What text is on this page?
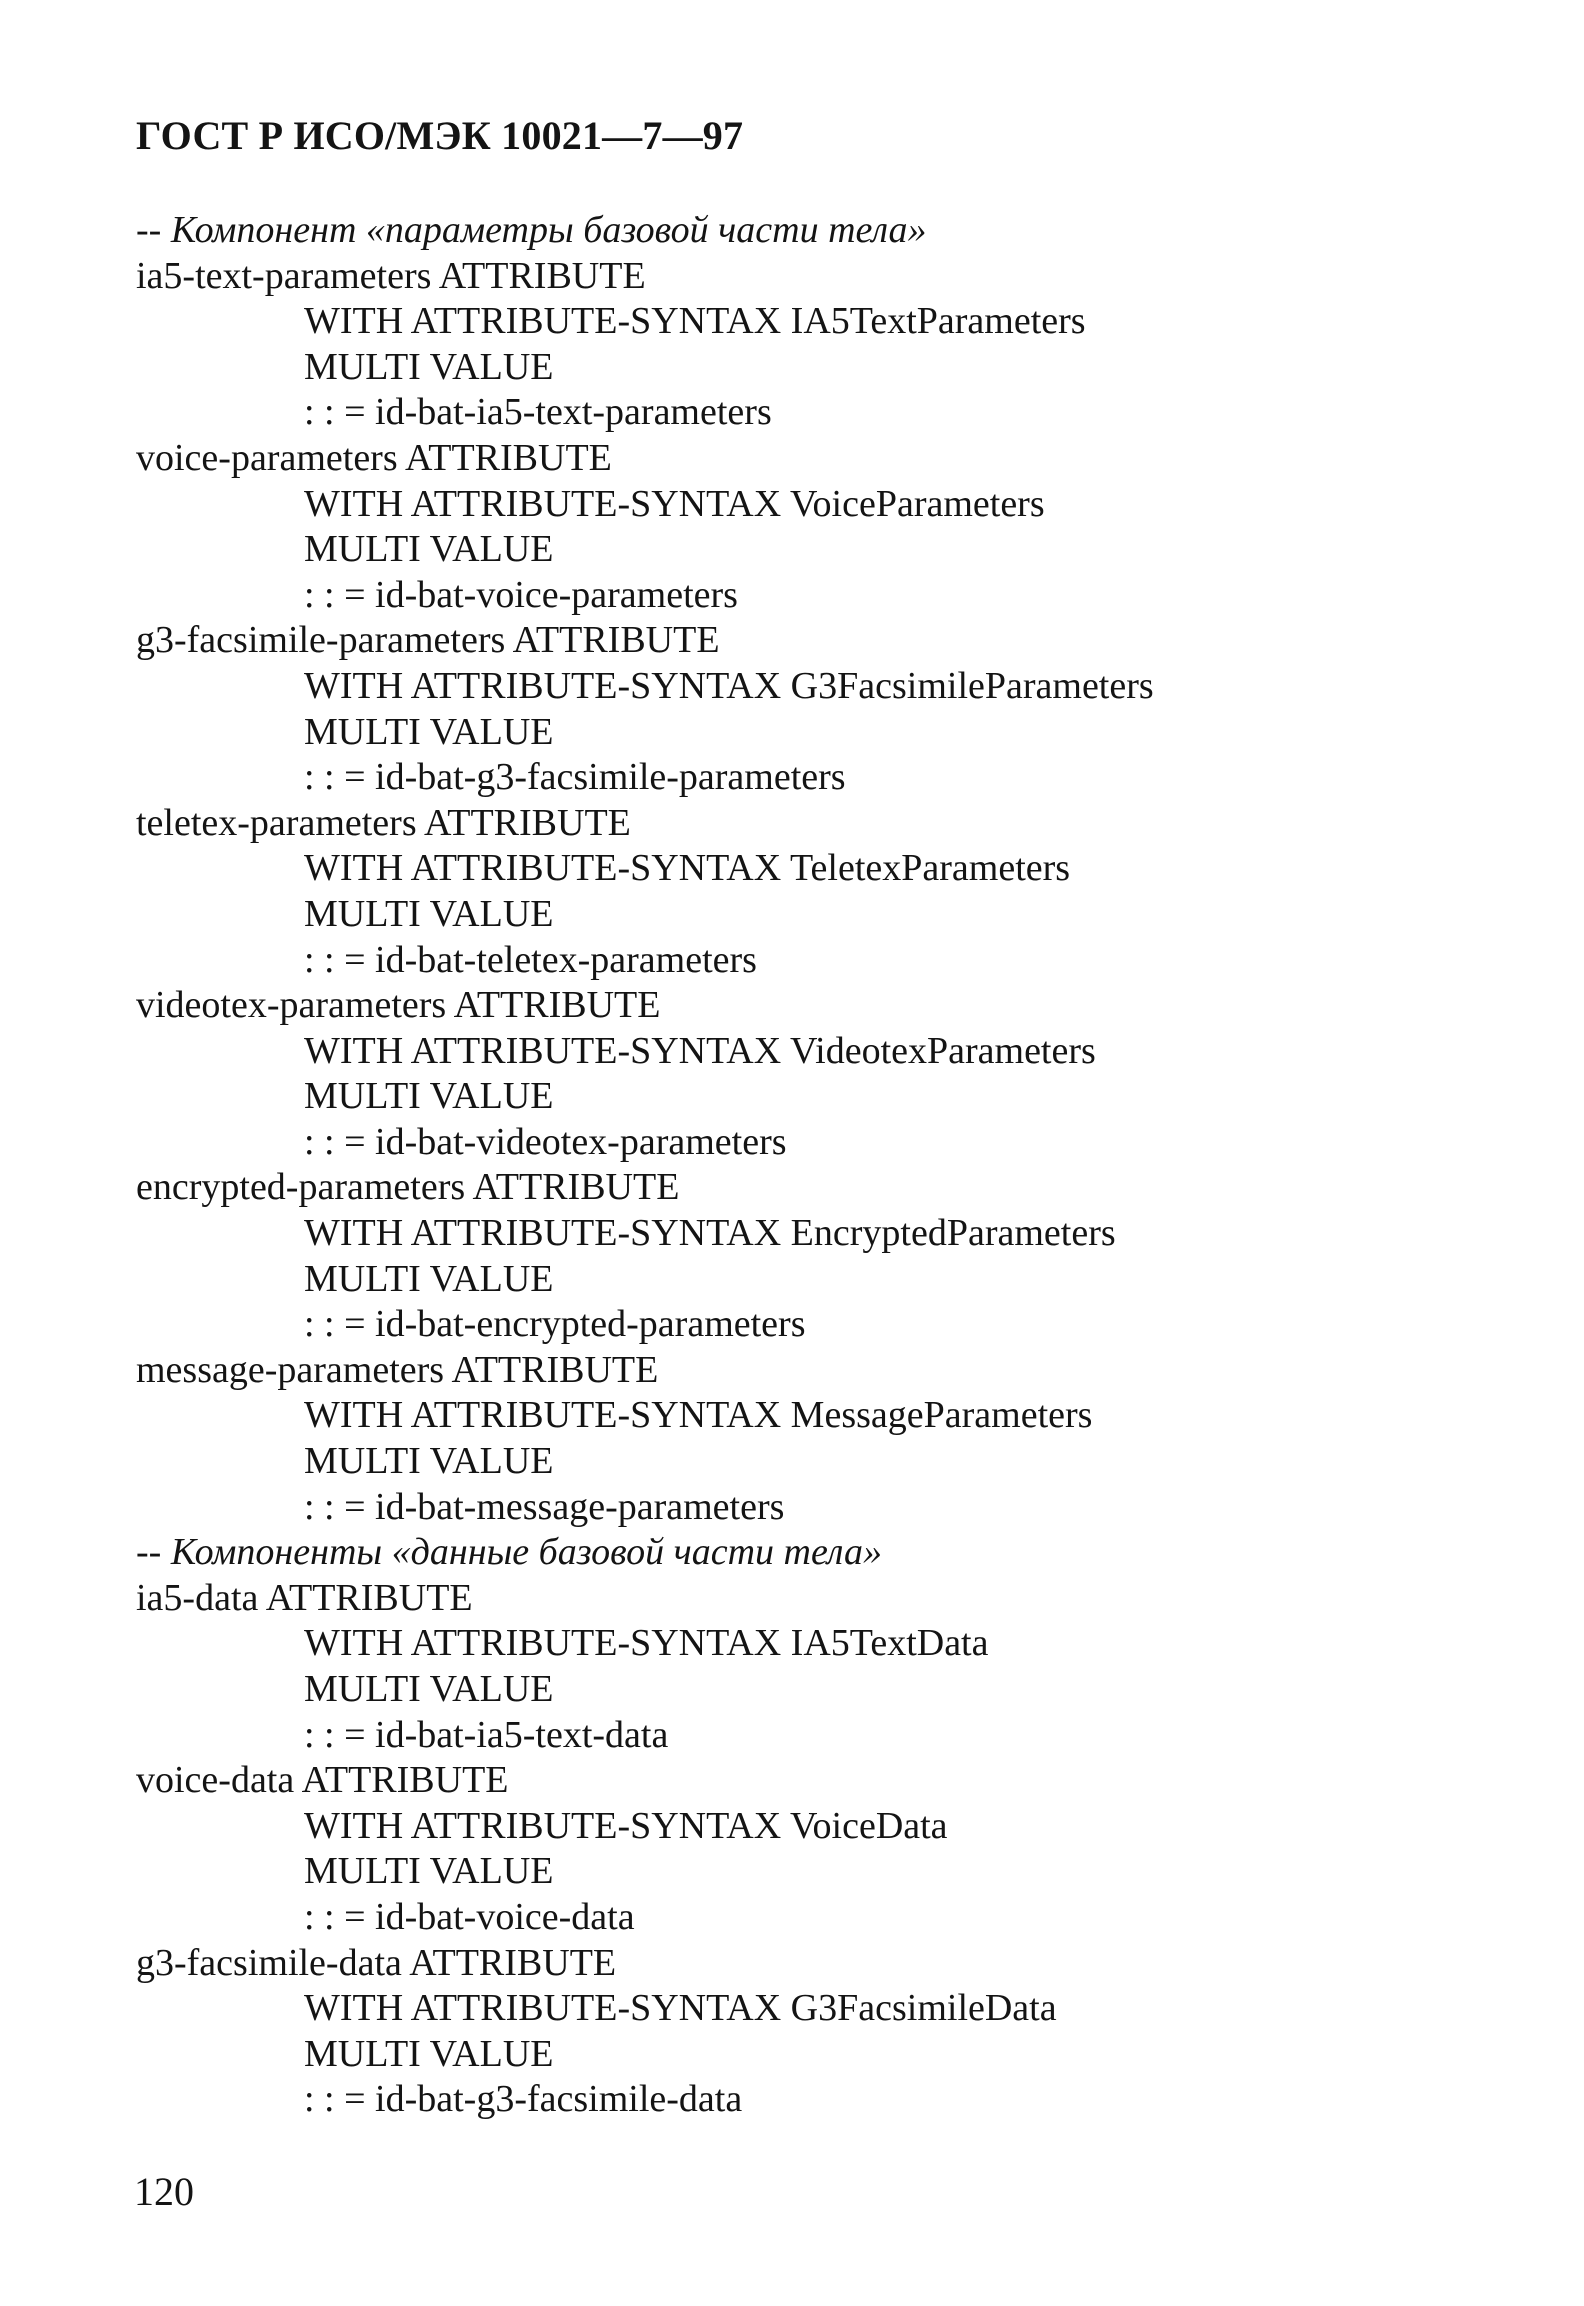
ГОСТ Р ИСО/МЭК 10021—7—97
-- Компонент «параметры базовой части тела»
ia5-text-parameters ATTRIBUTE
WITH ATTRIBUTE-SYNTAX IA5TextParameters
MULTI VALUE
: : = id-bat-ia5-text-parameters
voice-parameters ATTRIBUTE
WITH ATTRIBUTE-SYNTAX VoiceParameters
MULTI VALUE
: : = id-bat-voice-parameters
g3-facsimile-parameters ATTRIBUTE
WITH ATTRIBUTE-SYNTAX G3FacsimileParameters
MULTI VALUE
: : = id-bat-g3-facsimile-parameters
teletex-parameters ATTRIBUTE
WITH ATTRIBUTE-SYNTAX TeletexParameters
MULTI VALUE
: : = id-bat-teletex-parameters
videotex-parameters ATTRIBUTE
WITH ATTRIBUTE-SYNTAX VideotexParameters
MULTI VALUE
: : = id-bat-videotex-parameters
encrypted-parameters ATTRIBUTE
WITH ATTRIBUTE-SYNTAX EncryptedParameters
MULTI VALUE
: : = id-bat-encrypted-parameters
message-parameters ATTRIBUTE
WITH ATTRIBUTE-SYNTAX MessageParameters
MULTI VALUE
: : = id-bat-message-parameters
-- Компоненты «данные базовой части тела»
ia5-data ATTRIBUTE
WITH ATTRIBUTE-SYNTAX IA5TextData
MULTI VALUE
: : = id-bat-ia5-text-data
voice-data ATTRIBUTE
WITH ATTRIBUTE-SYNTAX VoiceData
MULTI VALUE
: : = id-bat-voice-data
g3-facsimile-data ATTRIBUTE
WITH ATTRIBUTE-SYNTAX G3FacsimileData
MULTI VALUE
: : = id-bat-g3-facsimile-data
120
